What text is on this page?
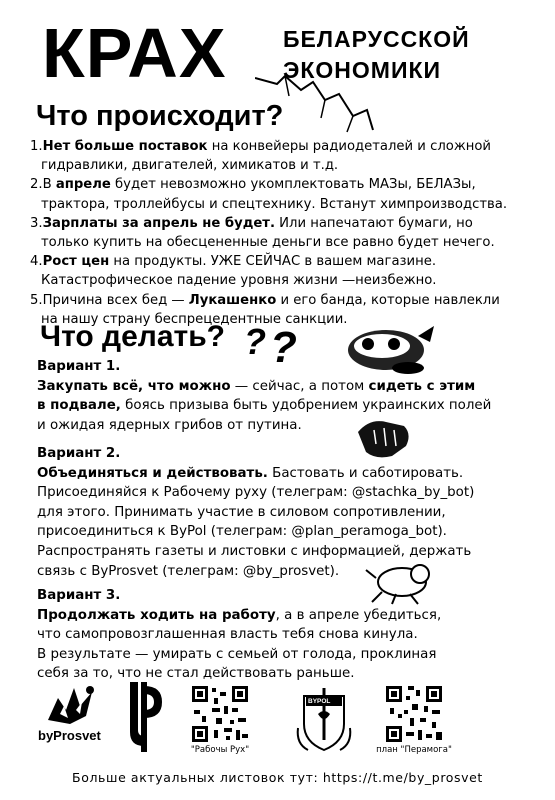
КРАХ БЕЛАРУССКОЙ
ЭКОНОМИКИ
Что происходит?

1.Нет больше поставок на конвейеры радиодеталей и сложной

гидравлики, двигателей, химикатов и т.д.

2.В апреле будет невозможно укомплектовать МАЗы, БЕЛАЗы,

трактора, троллейбусы и спецтехнику. Встанут химпроизводства.

3.Зарплаты за апрель не будет. Или напечатают бумаги, но

только купить на обесцененные деньги все равно будет нечего.

4.Рост цен на продукты. УЖЕ СЕЙЧАС в вашем магазине.

Катастрофическое падение уровня жизни —неизбежно.

5.Причина всех бед — Лукашенко и его банда, которые навлекли

на нашу страну беспрецедентные санкции.

Что делать? ? ?

Вариант 1.

Закупать всё, что можно — сейчас, а потом сидеть с этим

в подвале, боясь призыва быть удобрением украинских полей

и ожидая ядерных грибов от путина.

Вариант 2.

Объединяться и действовать. Бастовать и саботировать.

Присоединяйся к Рабочему руху (телеграм: @stachka_by_bot)

для этого. Принимать участие в силовом сопротивлении,

присоединиться к ByPol (телеграм: @plan_peramoga_bot).

Распространять газеты и листовки с информацией, держать

связь с ByProsvet (телеграм: @by_prosvet).

Вариант 3.

Продолжать ходить на работу, а в апреле убедиться,

что самопровозглашенная власть тебя снова кинула.

В результате — умирать с семьей от голода, проклиная

себя за то, что не стал действовать раньше.

byProsvet
"Рабочы Рух"
BYPOL
план "Перамога"
Больше актуальных листовок тут: https://t.me/by_prosvet
